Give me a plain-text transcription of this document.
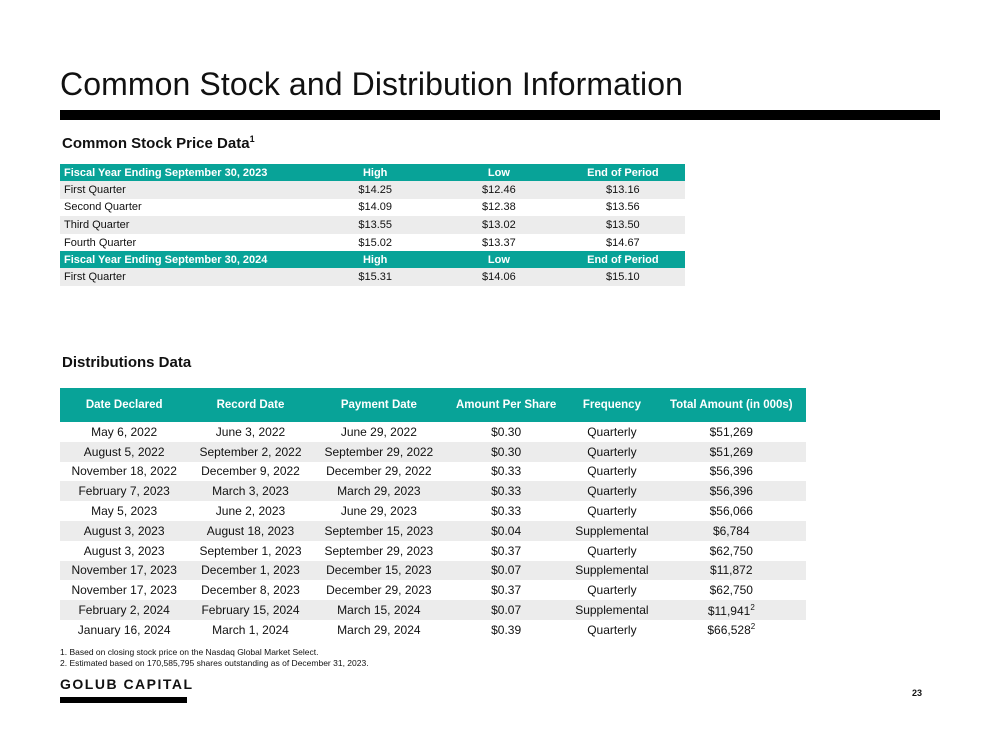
Common Stock and Distribution Information
Common Stock Price Data$^1$
Fiscal Year Ending September 30, 2023	High	Low	End of Period
First Quarter	$14.25	$12.46	$13.16
Second Quarter	$14.09	$12.38	$13.56
Third Quarter	$13.55	$13.02	$13.50
Fourth Quarter	$15.02	$13.37	$14.67
Fiscal Year Ending September 30, 2024	High	Low	End of Period
First Quarter	$15.31	$14.06	$15.10
Distributions Data
Date Declared	Record Date	Payment Date	Amount Per Share	Frequency	Total Amount (in 000s)
May 6, 2022	June 3, 2022	June 29, 2022	$0.30	Quarterly	$51,269
August 5, 2022	September 2, 2022	September 29, 2022	$0.30	Quarterly	$51,269
November 18, 2022	December 9, 2022	December 29, 2022	$0.33	Quarterly	$56,396
February 7, 2023	March 3, 2023	March 29, 2023	$0.33	Quarterly	$56,396
May 5, 2023	June 2, 2023	June 29, 2023	$0.33	Quarterly	$56,066
August 3, 2023	August 18, 2023	September 15, 2023	$0.04	Supplemental	$6,784
August 3, 2023	September 1, 2023	September 29, 2023	$0.37	Quarterly	$62,750
November 17, 2023	December 1, 2023	December 15, 2023	$0.07	Supplemental	$11,872
November 17, 2023	December 8, 2023	December 29, 2023	$0.37	Quarterly	$62,750
February 2, 2024	February 15, 2024	March 15, 2024	$0.07	Supplemental	$11,941$^2$
January 16, 2024	March 1, 2024	March 29, 2024	$0.39	Quarterly	$66,528$^2$
1. Based on closing stock price on the Nasdaq Global Market Select.
2. Estimated based on 170,585,795 shares outstanding as of December 31, 2023.
GOLUB CAPITAL
23
